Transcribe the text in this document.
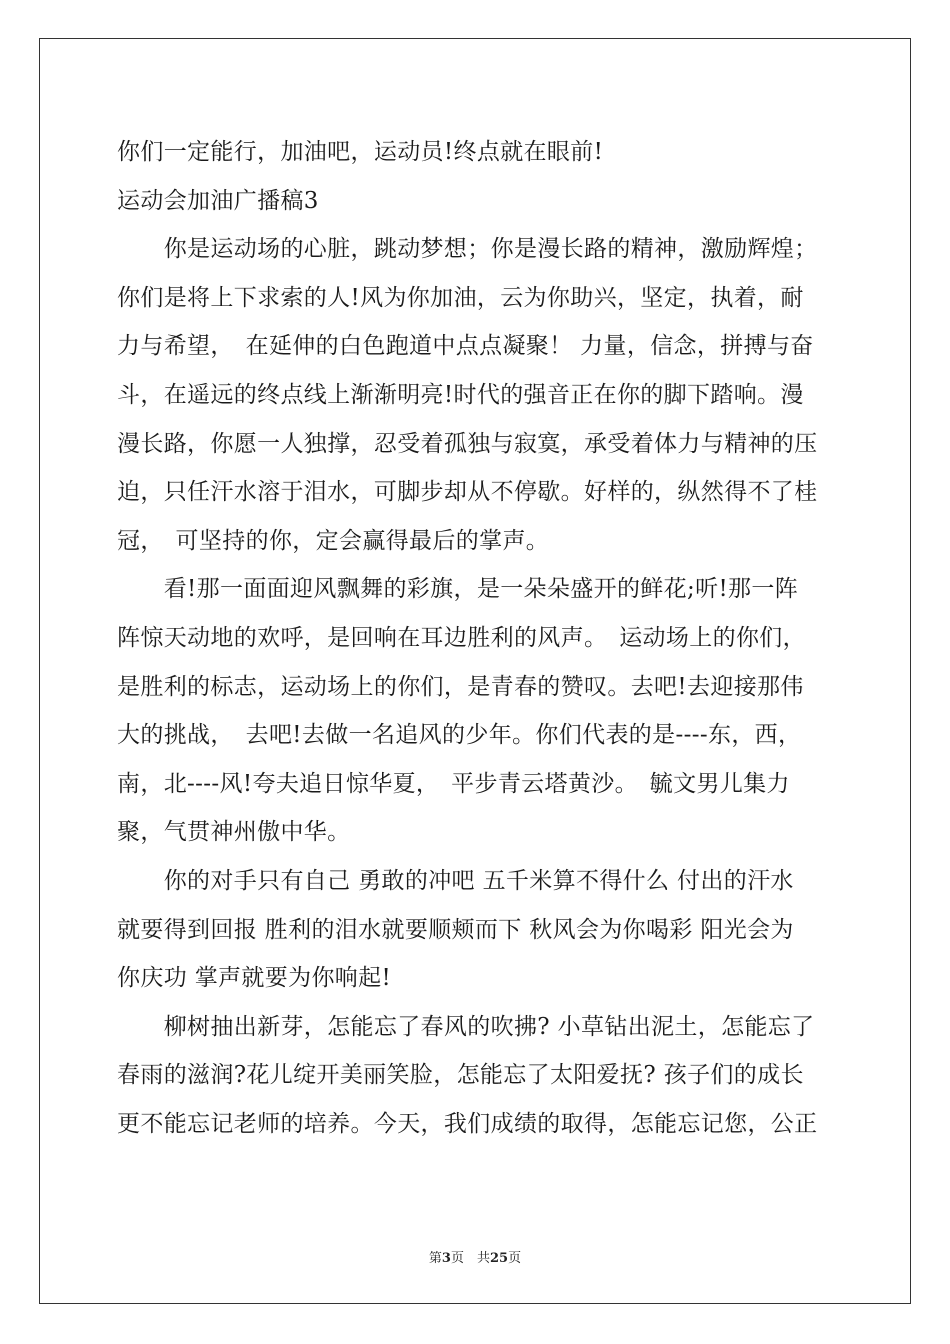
你们一定能行，加油吧，运动员!终点就在眼前!
运动会加油广播稿3
　　你是运动场的心脏，跳动梦想；你是漫长路的精神，激励辉煌；
你们是将上下求索的人!风为你加油，云为你助兴，坚定，执着，耐
力与希望，　在延伸的白色跑道中点点凝聚！ 力量，信念，拼搏与奋
斗，在遥远的终点线上渐渐明亮!时代的强音正在你的脚下踏响。漫
漫长路，你愿一人独撑，忍受着孤独与寂寞，承受着体力与精神的压
迫，只任汗水溶于泪水，可脚步却从不停歇。好样的，纵然得不了桂
冠，　可坚持的你，定会赢得最后的掌声。
　　看!那一面面迎风飘舞的彩旗，是一朵朵盛开的鲜花;听!那一阵
阵惊天动地的欢呼，是回响在耳边胜利的风声。　运动场上的你们，
是胜利的标志，运动场上的你们，是青春的赞叹。去吧!去迎接那伟
大的挑战，　去吧!去做一名追风的少年。你们代表的是----东，西，
南，北----风!夸夫追日惊华夏，　平步青云塔黄沙。　毓文男儿集力
聚，气贯神州傲中华。
　　你的对手只有自己 勇敢的冲吧 五千米算不得什么 付出的汗水
就要得到回报 胜利的泪水就要顺颊而下 秋风会为你喝彩 阳光会为
你庆功 掌声就要为你响起!
　　柳树抽出新芽，怎能忘了春风的吹拂? 小草钻出泥土，怎能忘了
春雨的滋润?花儿绽开美丽笑脸，怎能忘了太阳爱抚? 孩子们的成长
更不能忘记老师的培养。今天，我们成绩的取得，怎能忘记您，公正
第3页　共25页
